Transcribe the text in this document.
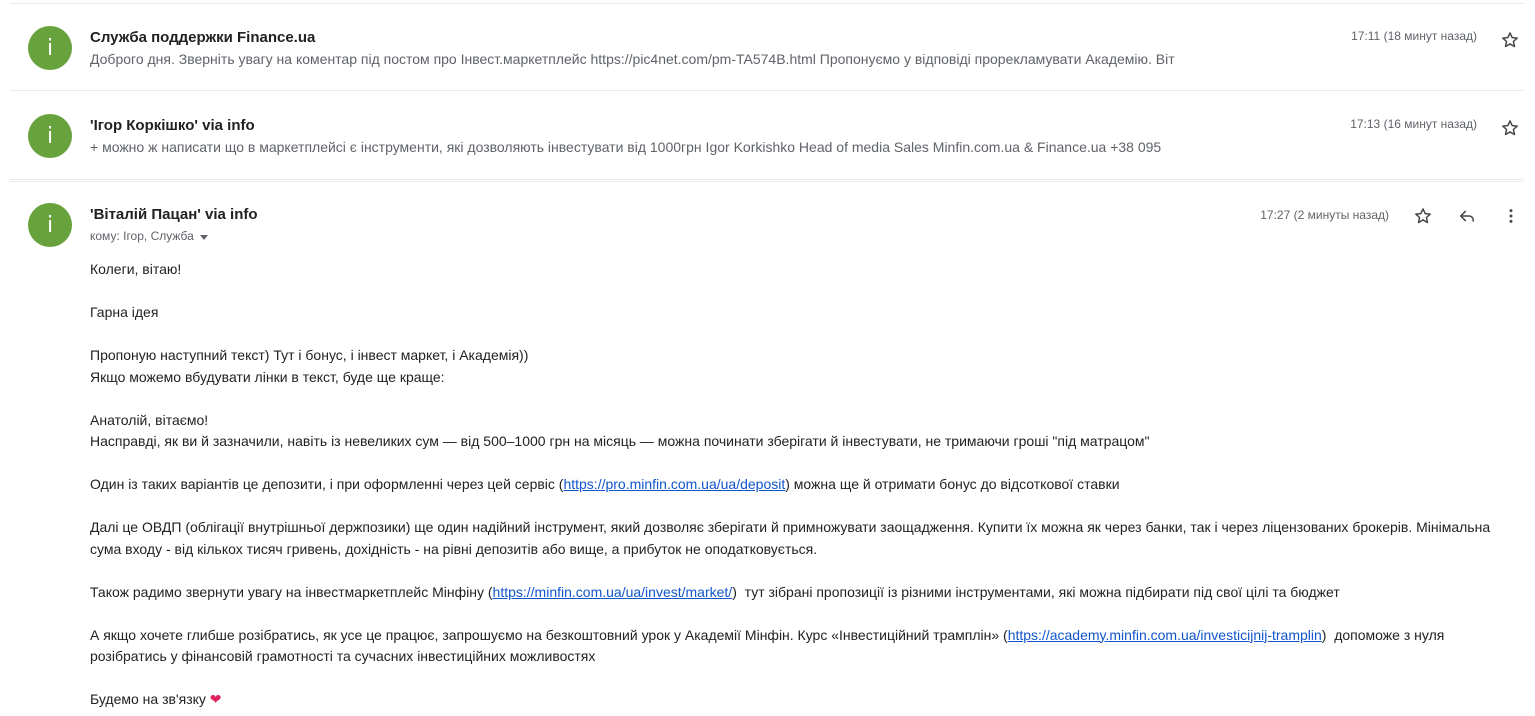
i	Служба поддержки Finance.ua
Доброго дня. Зверніть увагу на коментар під постом про Інвест.маркетплейс https://pic4net.com/pm-TA574B.html Пропонуємо у відповіді прорекламувати Академію. Віт
17:11 (18 минут назад)
i	'Ігор Коркішко' via info
+ можно ж написати що в маркетплейсі є інструменти, які дозволяють інвестувати від 1000грн Igor Korkishko Head of media Sales Minfin.com.ua & Finance.ua +38 095
17:13 (16 минут назад)
i	'Віталій Пацан' via info
кому: Ігор, Служба
17:27 (2 минуты назад)

Колеги, вітаю!

Гарна ідея

Пропоную наступний текст) Тут і бонус, і інвест маркет, і Академія))

Якщо можемо вбудувати лінки в текст, буде ще краще:

Анатолій, вітаємо!

Насправді, як ви й зазначили, навіть із невеликих сум — від 500–1000 грн на місяць — можна починати зберігати й інвестувати, не тримаючи гроші "під матрацом"

Один із таких варіантів це депозити, і при оформленні через цей сервіс (https://pro.minfin.com.ua/ua/deposit) можна ще й отримати бонус до відсоткової ставки

Далі це ОВДП (облігації внутрішньої держпозики) ще один надійний інструмент, який дозволяє зберігати й примножувати заощадження. Купити їх можна як через банки, так і через ліцензованих брокерів. Мінімальна

сума входу - від кількох тисяч гривень, дохідність - на рівні депозитів або вище, а прибуток не оподатковується.

Також радимо звернути увагу на інвестмаркетплейс Мінфіну (https://minfin.com.ua/ua/invest/market/)  тут зібрані пропозиції із різними інструментами, які можна підбирати під свої цілі та бюджет

А якщо хочете глибше розібратись, як усе це працює, запрошуємо на безкоштовний урок у Академії Мінфін. Курс «Інвестиційний трамплін» (https://academy.minfin.com.ua/investicijnij-tramplin)  допоможе з нуля

розібратись у фінансовій грамотності та сучасних інвестиційних можливостях

Будемо на зв'язку ❤
